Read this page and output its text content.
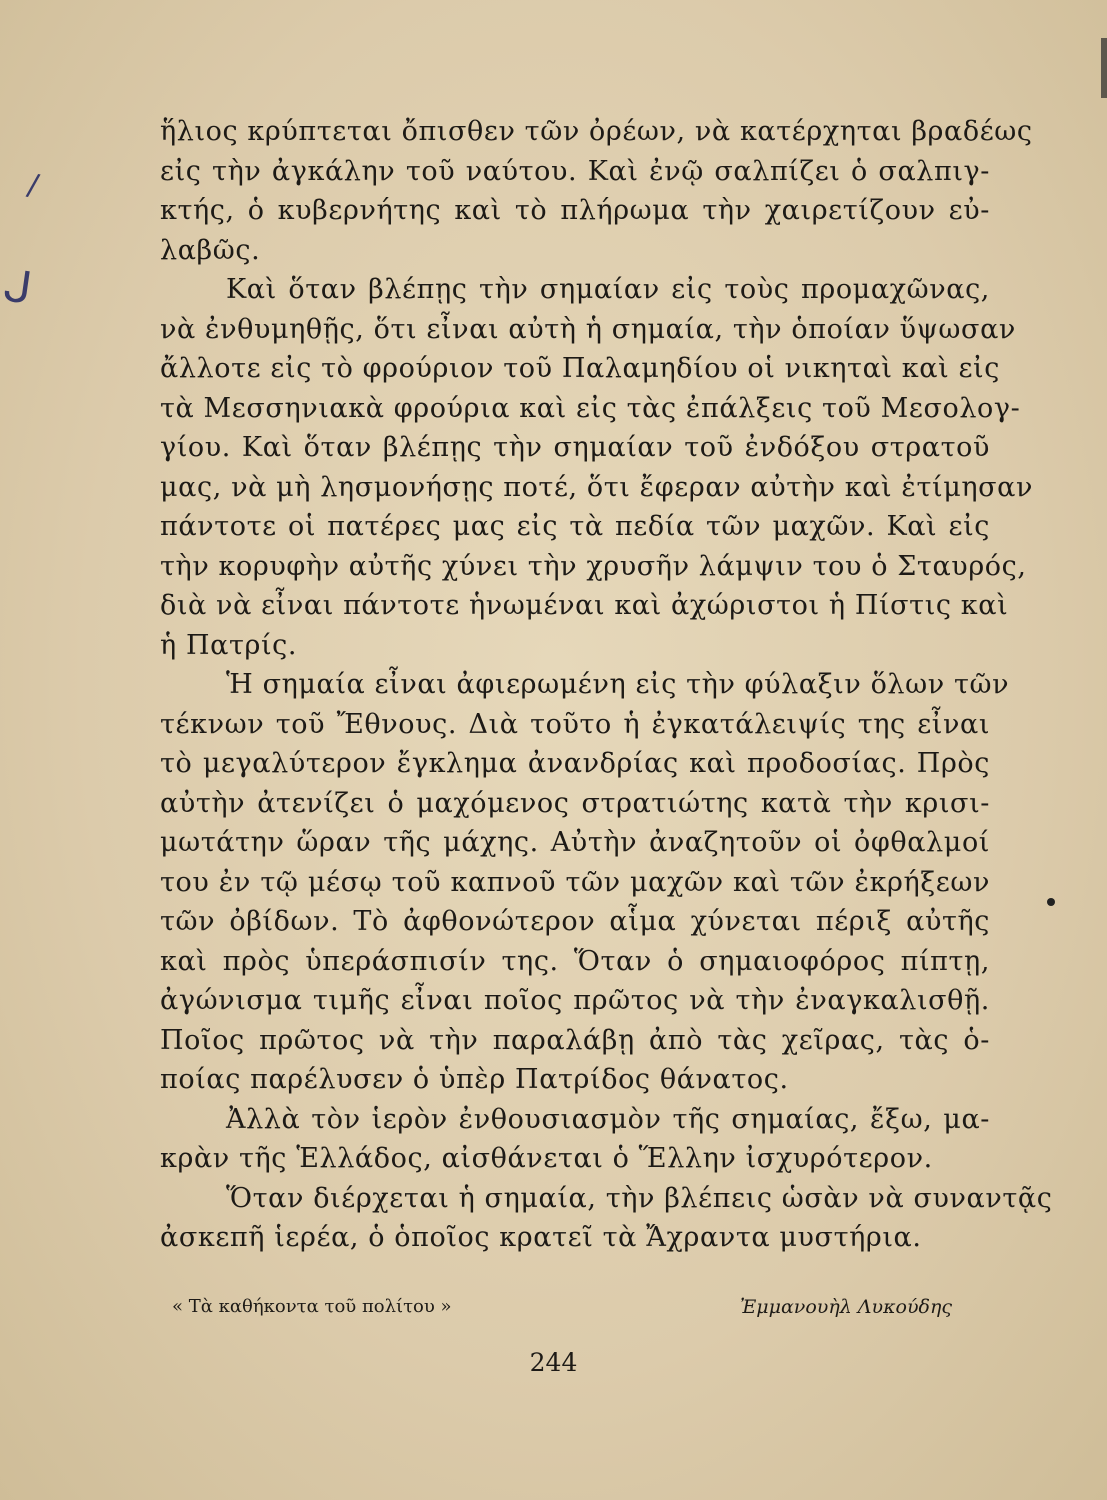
/
ᒍ

ἥλιος κρύπτεται ὄπισθεν τῶν ὀρέων, νὰ κατέρχηται βραδέως
εἰς τὴν ἀγκάλην τοῦ ναύτου. Καὶ ἐνῷ σαλπίζει ὁ σαλπιγ-
κτής, ὁ κυβερνήτης καὶ τὸ πλήρωμα τὴν χαιρετίζουν εὐ-
λαβῶς.

Καὶ ὅταν βλέπῃς τὴν σημαίαν εἰς τοὺς προμαχῶνας,
νὰ ἐνθυμηθῇς, ὅτι εἶναι αὐτὴ ἡ σημαία, τὴν ὁποίαν ὕψωσαν
ἄλλοτε εἰς τὸ φρούριον τοῦ Παλαμηδίου οἱ νικηταὶ καὶ εἰς
τὰ Μεσσηνιακὰ φρούρια καὶ εἰς τὰς ἐπάλξεις τοῦ Μεσολογ-
γίου. Καὶ ὅταν βλέπῃς τὴν σημαίαν τοῦ ἐνδόξου στρατοῦ
μας, νὰ μὴ λησμονήσῃς ποτέ, ὅτι ἔφεραν αὐτὴν καὶ ἐτίμησαν
πάντοτε οἱ πατέρες μας εἰς τὰ πεδία τῶν μαχῶν. Καὶ εἰς
τὴν κορυφὴν αὐτῆς χύνει τὴν χρυσῆν λάμψιν του ὁ Σταυρός,
διὰ νὰ εἶναι πάντοτε ἡνωμέναι καὶ ἀχώριστοι ἡ Πίστις καὶ
ἡ Πατρίς.

Ἡ σημαία εἶναι ἀφιερωμένη εἰς τὴν φύλαξιν ὅλων τῶν
τέκνων τοῦ Ἔθνους. Διὰ τοῦτο ἡ ἐγκατάλειψίς της εἶναι
τὸ μεγαλύτερον ἔγκλημα ἀνανδρίας καὶ προδοσίας. Πρὸς
αὐτὴν ἀτενίζει ὁ μαχόμενος στρατιώτης κατὰ τὴν κρισι-
μωτάτην ὥραν τῆς μάχης. Αὐτὴν ἀναζητοῦν οἱ ὀφθαλμοί
του ἐν τῷ μέσῳ τοῦ καπνοῦ τῶν μαχῶν καὶ τῶν ἐκρήξεων
τῶν ὀβίδων. Τὸ ἀφθονώτερον αἷμα χύνεται πέριξ αὐτῆς
καὶ πρὸς ὑπεράσπισίν της. Ὅταν ὁ σημαιοφόρος πίπτῃ,
ἀγώνισμα τιμῆς εἶναι ποῖος πρῶτος νὰ τὴν ἐναγκαλισθῇ.
Ποῖος πρῶτος νὰ τὴν παραλάβῃ ἀπὸ τὰς χεῖρας, τὰς ὁ-
ποίας παρέλυσεν ὁ ὑπὲρ Πατρίδος θάνατος.

Ἀλλὰ τὸν ἱερὸν ἐνθουσιασμὸν τῆς σημαίας, ἔξω, μα-
κρὰν τῆς Ἑλλάδος, αἰσθάνεται ὁ Ἕλλην ἰσχυρότερον.

Ὅταν διέρχεται ἡ σημαία, τὴν βλέπεις ὡσὰν νὰ συναντᾷς
ἀσκεπῆ ἱερέα, ὁ ὁποῖος κρατεῖ τὰ Ἄχραντα μυστήρια.

« Τὰ καθήκοντα τοῦ πολίτου »	Ἐμμανουὴλ Λυκούδης
244
